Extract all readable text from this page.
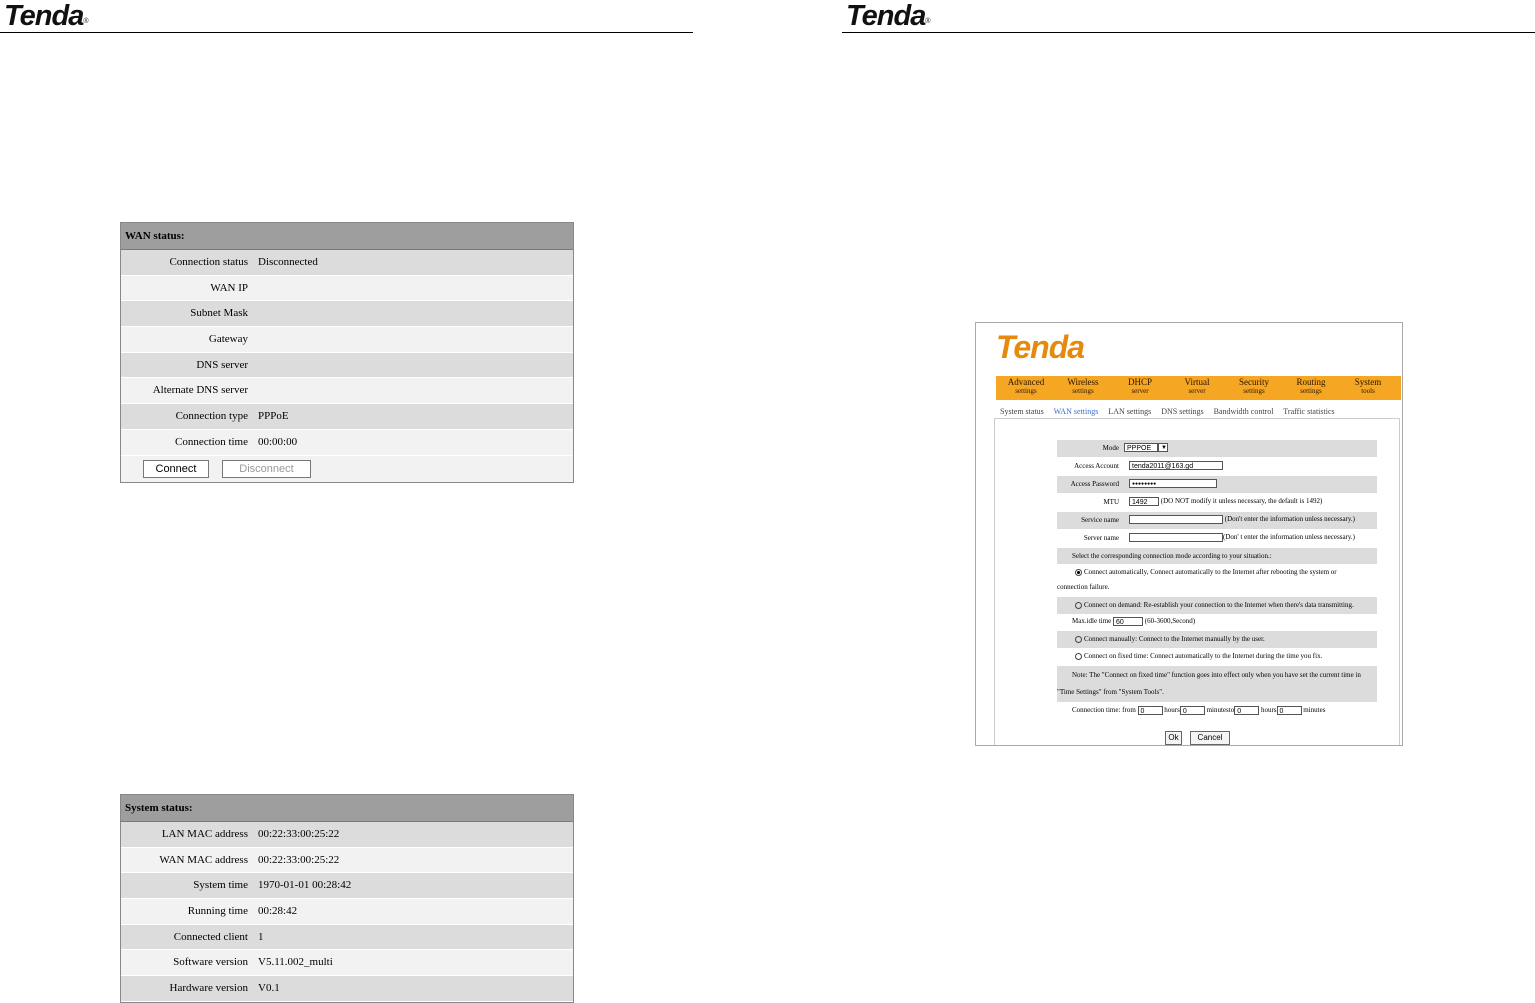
Tenda®	Tenda®
WAN status:
Connection status Disconnected
WAN IP
Subnet Mask
Gateway
DNS server
Alternate DNS server
Connection type PPPoE
Connection time 00:00:00
Connect	Disconnect
System status:
LAN MAC address 00:22:33:00:25:22
WAN MAC address 00:22:33:00:25:22
System time 1970-01-01 00:28:42
Running time 00:28:42
Connected client 1
Software version V5.11.002_multi
Hardware version V0.1
Tenda
Advanced
settings
Wireless
settings
DHCP
server
Virtual
server
Security
settings
Routing
settings
System
tools
System status WAN settings LAN settings DNS settings Bandwidth control Traffic statistics
Mode	PPPOE ▼
Access Account	tenda2011@163.gd
Access Password	●●●●●●●●
MTU	1492 (DO NOT modify it unless necessary, the default is 1492)
Service name	(Don't enter the information unless necessary.)
Server name	(Don' t enter the information unless necessary.)
Select the corresponding connection mode according to your situation.:
Connect automatically, Connect automatically to the Internet after rebooting the system or
connection failure.
Connect on demand: Re-establish your connection to the Internet when there's data transmitting.
Max.idle time 60	(60-3600,Second)
Connect manually: Connect to the Internet manually by the user.
Connect on fixed time: Connect automatically to the Internet during the time you fix.
Note: The "Connect on fixed time" function goes into effect only when you have set the current time in
"Time Settings" from "System Tools".
Connection time: from 0	hours 0	minutesto 0	hours 0	minutes
Ok	Cancel
